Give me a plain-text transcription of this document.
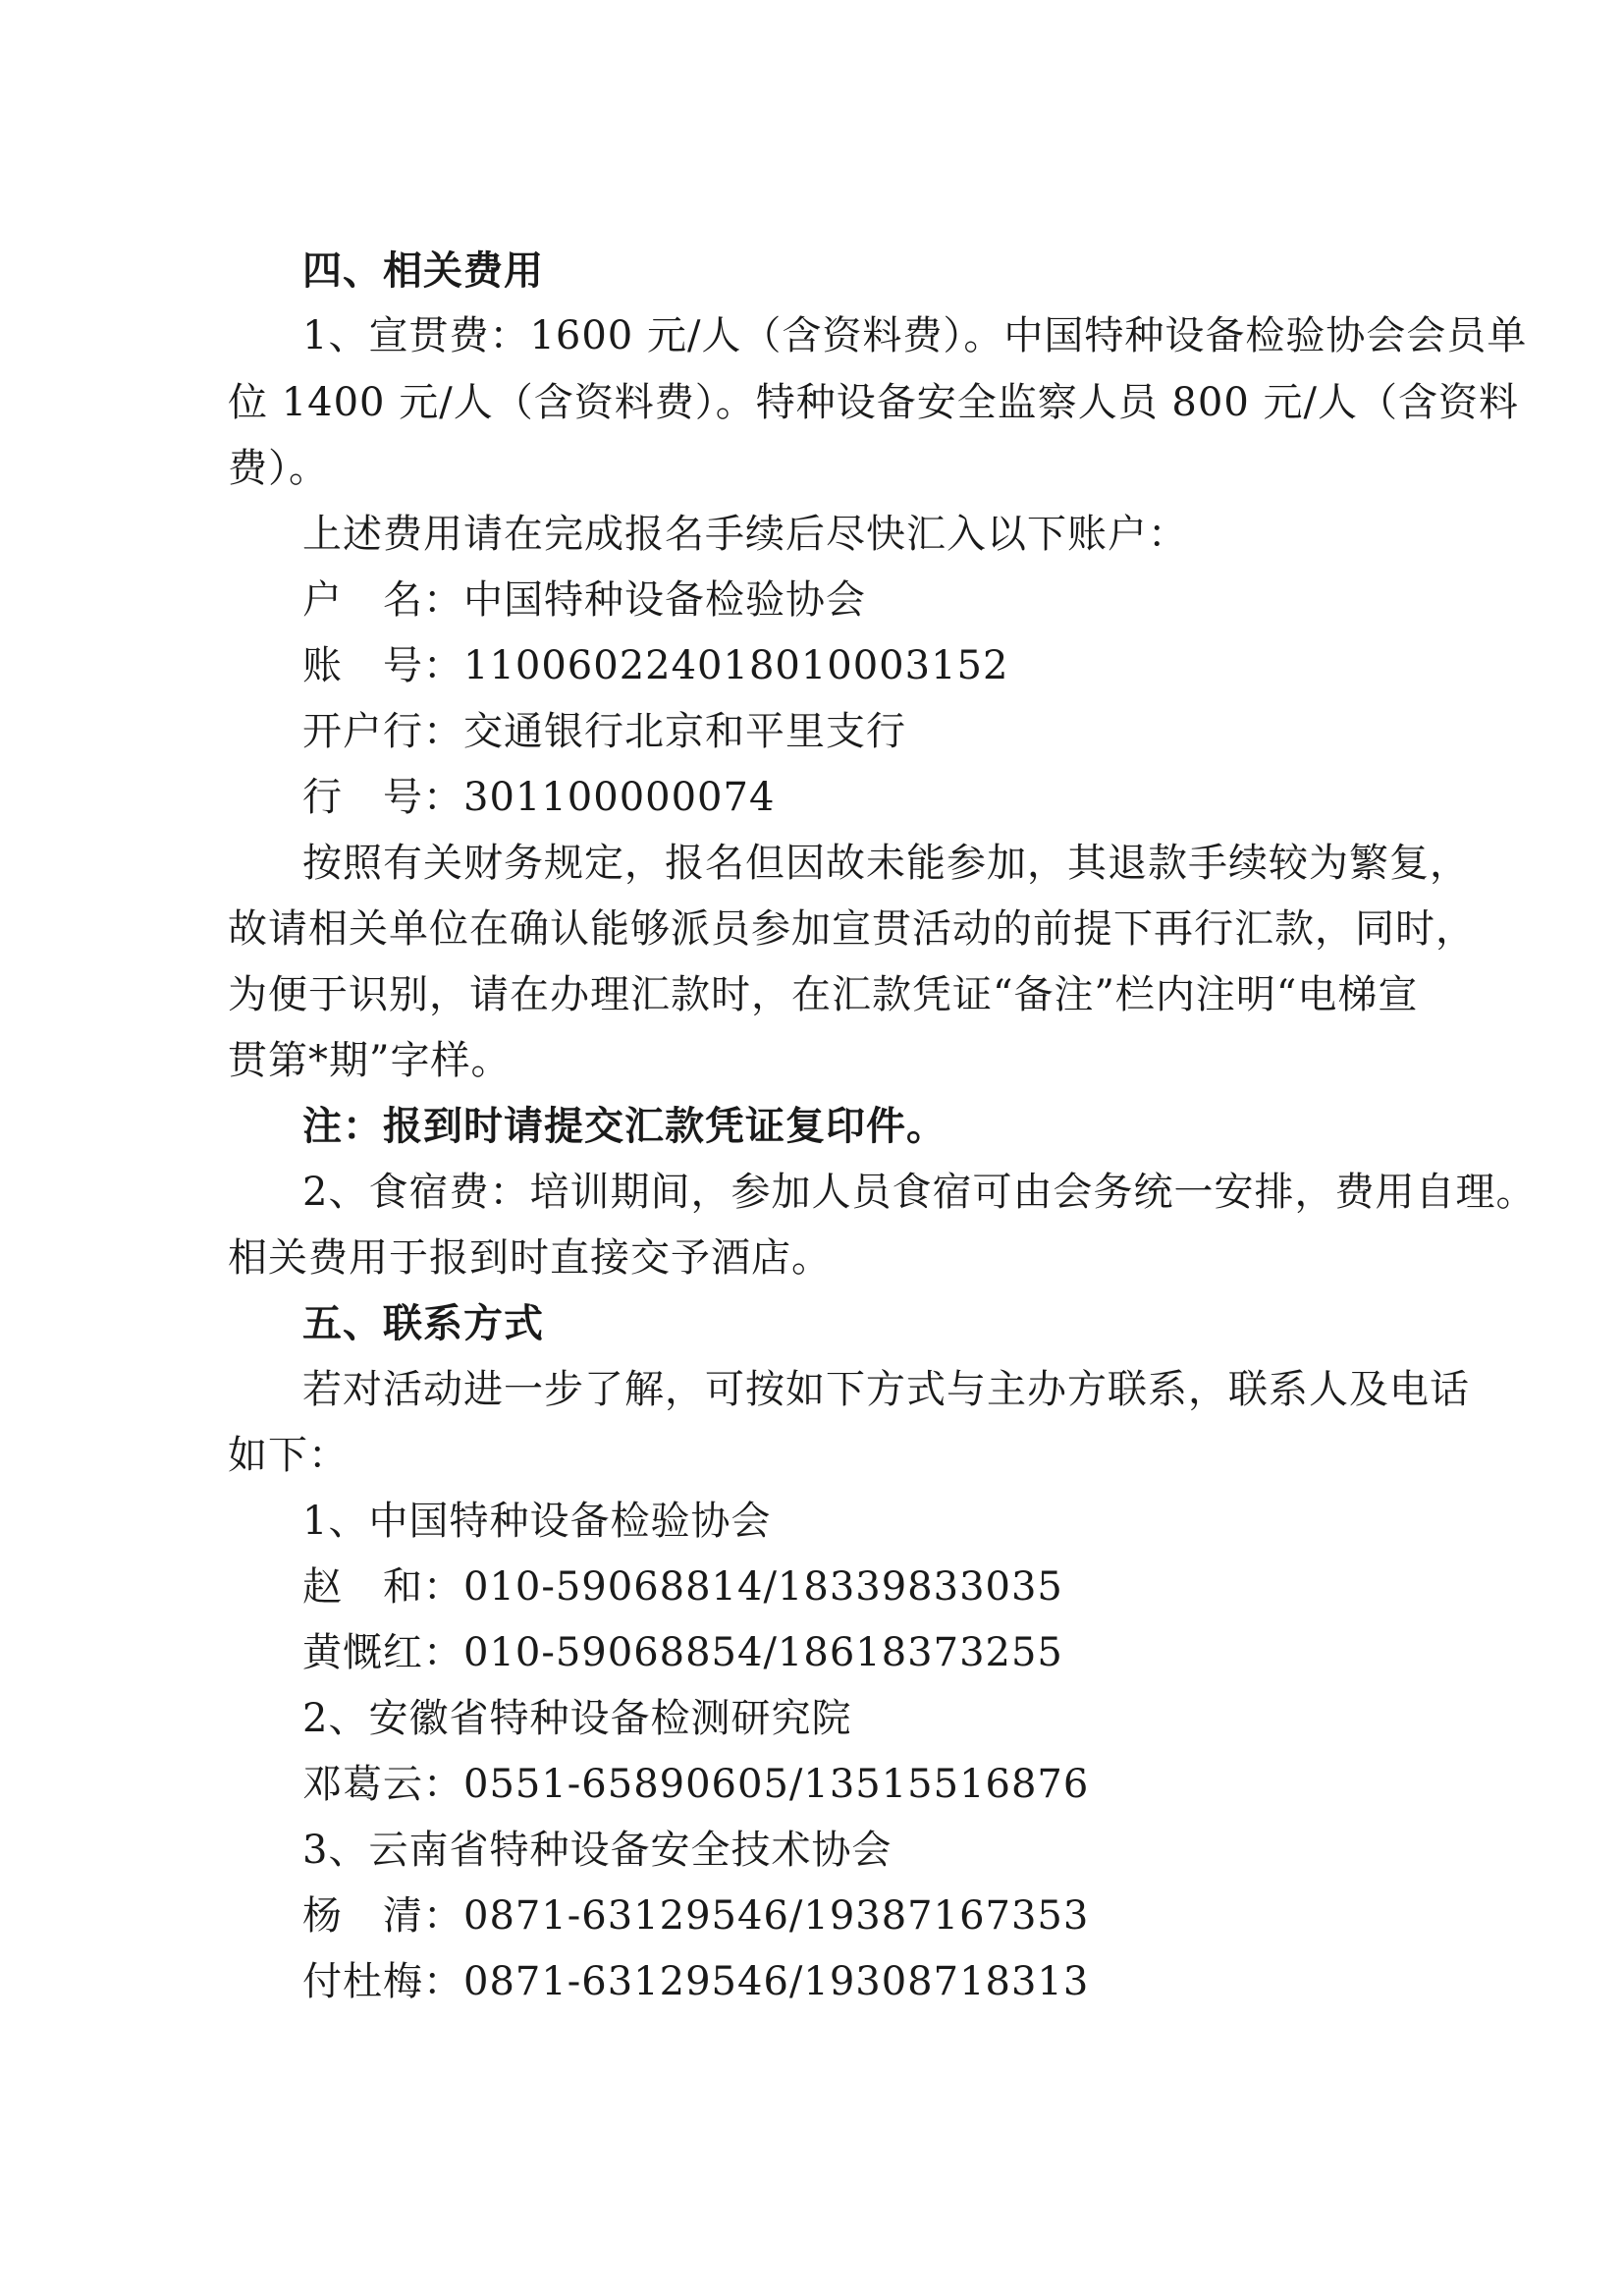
四、相关费用
1、宣贯费：1600 元/人（含资料费）。中国特种设备检验协会会员单
位 1400 元/人（含资料费）。特种设备安全监察人员 800 元/人（含资料
费）。
上述费用请在完成报名手续后尽快汇入以下账户：
户　名：中国特种设备检验协会
账　号：110060224018010003152
开户行：交通银行北京和平里支行
行　号：301100000074
按照有关财务规定，报名但因故未能参加，其退款手续较为繁复，
故请相关单位在确认能够派员参加宣贯活动的前提下再行汇款，同时，
为便于识别，请在办理汇款时，在汇款凭证“备注”栏内注明“电梯宣
贯第*期”字样。
注：报到时请提交汇款凭证复印件。
2、食宿费：培训期间，参加人员食宿可由会务统一安排，费用自理。
相关费用于报到时直接交予酒店。
五、联系方式
若对活动进一步了解，可按如下方式与主办方联系，联系人及电话
如下：
1、中国特种设备检验协会
赵　和：010-59068814/18339833035
黄慨红：010-59068854/18618373255
2、安徽省特种设备检测研究院
邓葛云：0551-65890605/13515516876
3、云南省特种设备安全技术协会
杨　清：0871-63129546/19387167353
付杜梅：0871-63129546/19308718313
